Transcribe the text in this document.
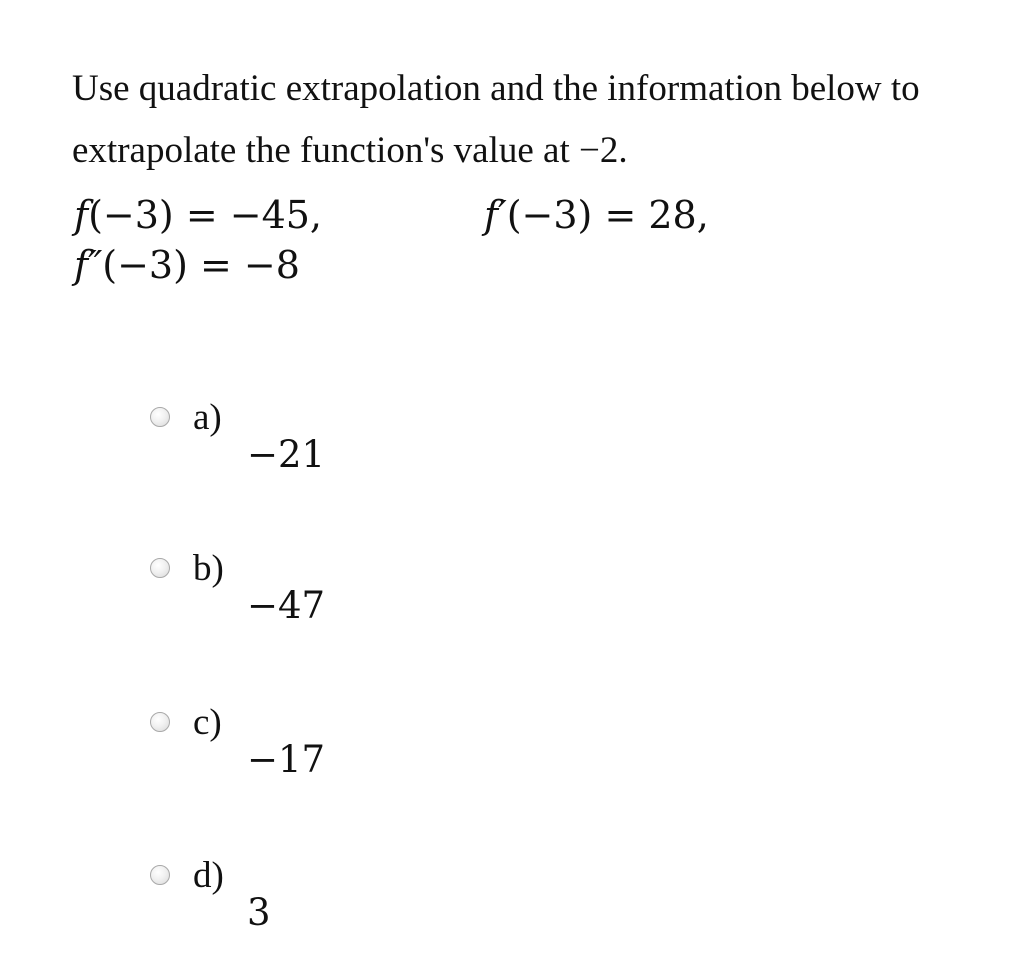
Use quadratic extrapolation and the information below to
extrapolate the function's value at −2.
f(−3) = −45,	f′(−3) = 28,
f″(−3) = −8
a)
−21
b)
−47
c)
−17
d)
3
